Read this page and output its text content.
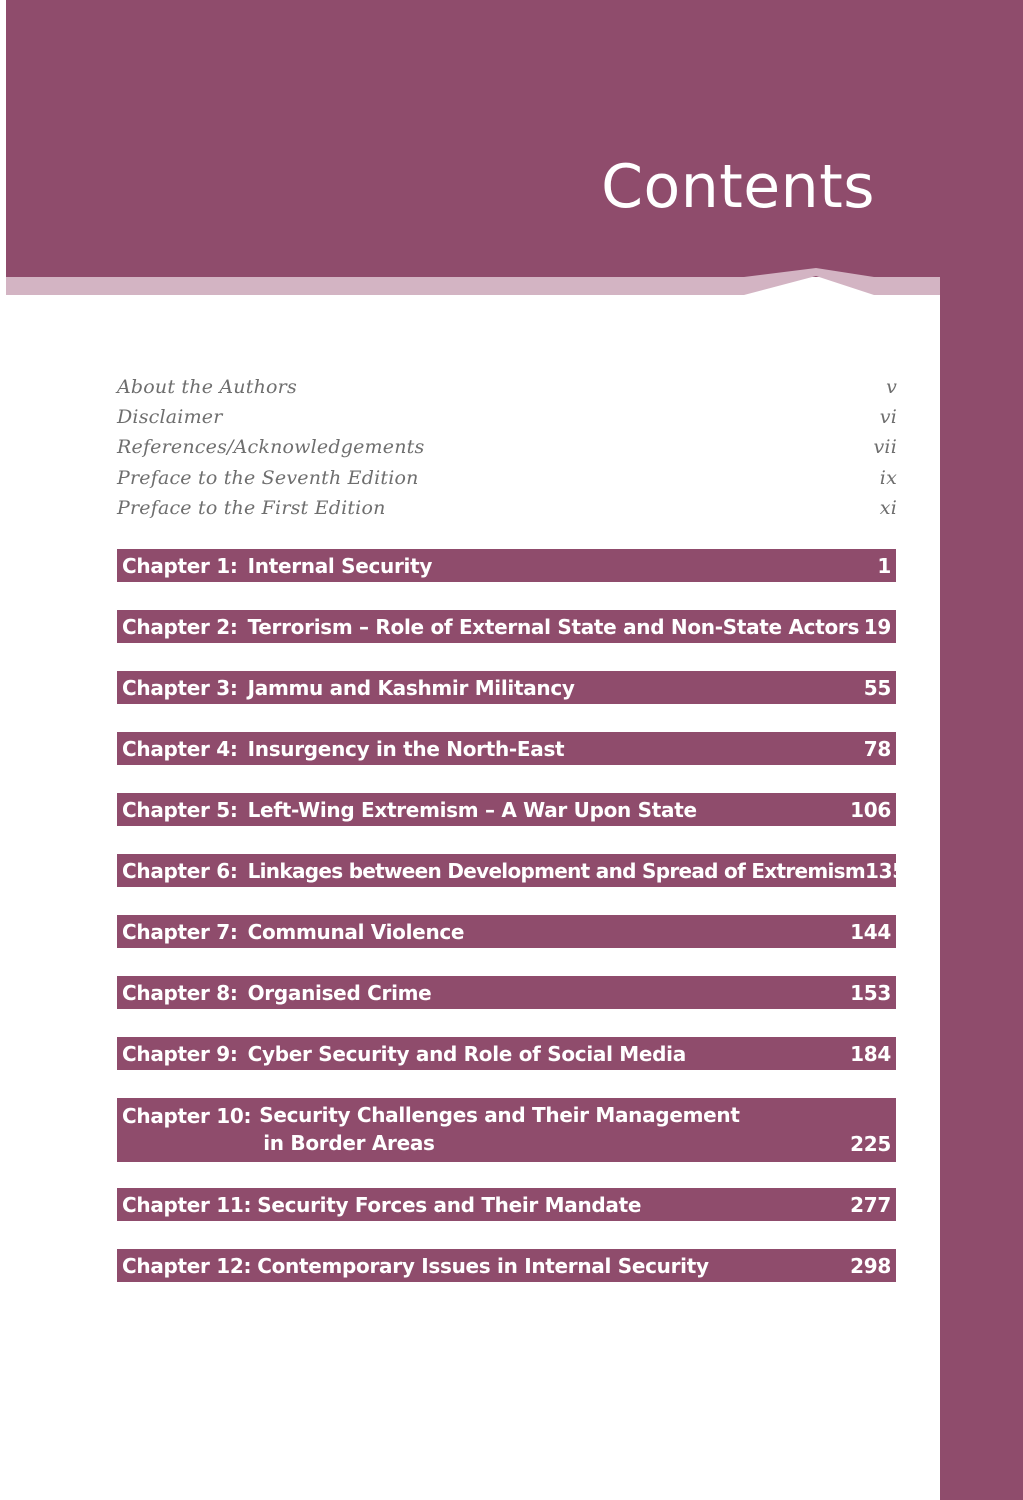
Contents
About the Authors	v
Disclaimer	vi
References/Acknowledgements	vii
Preface to the Seventh Edition	ix
Preface to the First Edition	xi
Chapter 1: Internal Security	1
Chapter 2: Terrorism – Role of External State and Non-State Actors 19
Chapter 3: Jammu and Kashmir Militancy	55
Chapter 4: Insurgency in the North-East	78
Chapter 5: Left-Wing Extremism – A War Upon State	106
Chapter 6: Linkages between Development and Spread of Extremism 135
Chapter 7: Communal Violence	144
Chapter 8: Organised Crime	153
Chapter 9: Cyber Security and Role of Social Media	184
Chapter 10: Security Challenges and Their Management
in Border Areas	225
Chapter 11: Security Forces and Their Mandate	277
Chapter 12: Contemporary Issues in Internal Security	298
